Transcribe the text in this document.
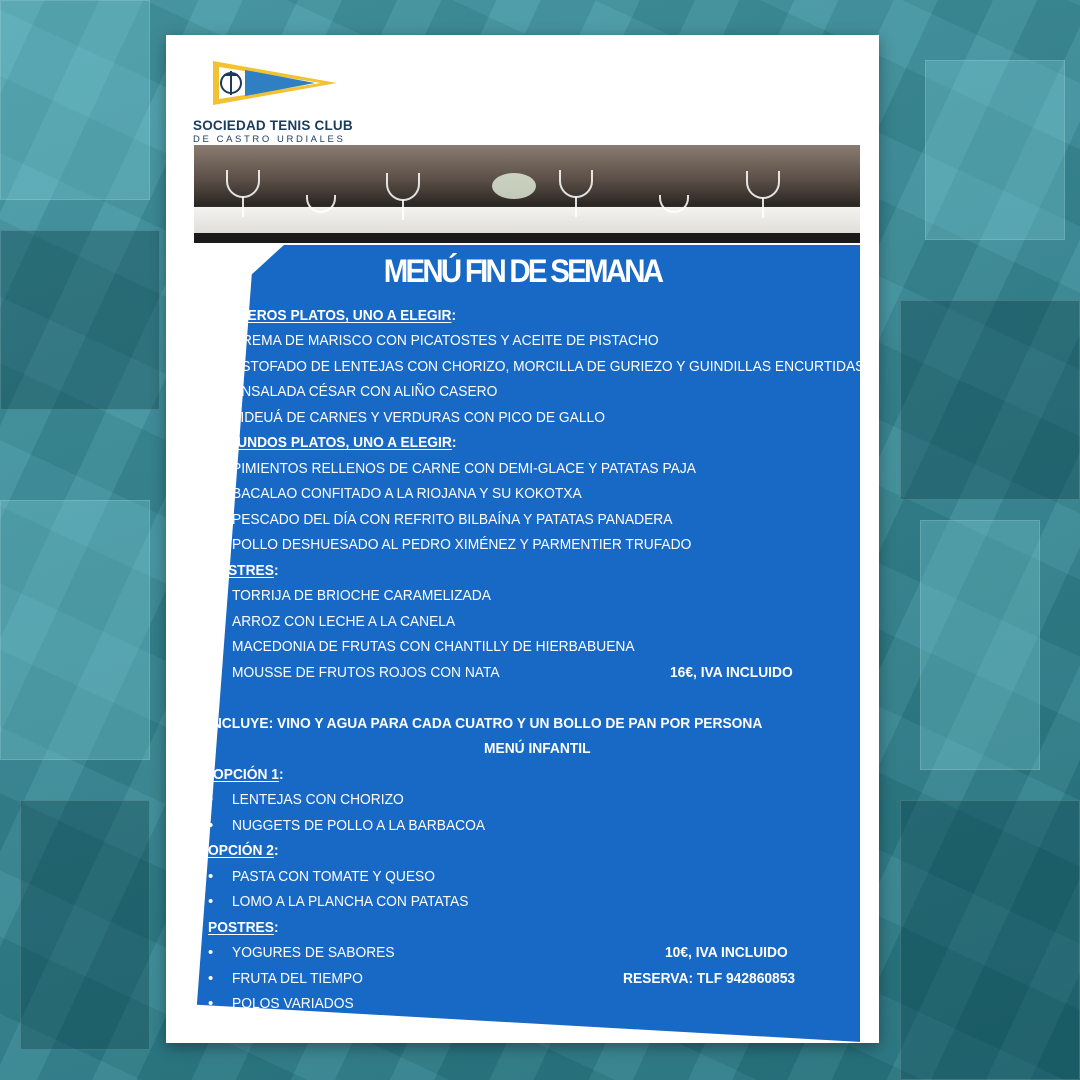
SOCIEDAD TENIS CLUB
DE CASTRO URDIALES
MENÚ FIN DE SEMANA
PRIMEROS PLATOS, UNO A ELEGIR:
• CREMA DE MARISCO CON PICATOSTES Y ACEITE DE PISTACHO
• ESTOFADO DE LENTEJAS CON CHORIZO, MORCILLA DE GURIEZO Y GUINDILLAS ENCURTIDAS
• ENSALADA CÉSAR CON ALIÑO CASERO
• FIDEUÁ DE CARNES Y VERDURAS CON PICO DE GALLO
SEGUNDOS PLATOS, UNO A ELEGIR:
• PIMIENTOS RELLENOS DE CARNE CON DEMI-GLACE Y PATATAS PAJA
• BACALAO CONFITADO A LA RIOJANA Y SU KOKOTXA
• PESCADO DEL DÍA CON REFRITO BILBAÍNA Y PATATAS PANADERA
• POLLO DESHUESADO AL PEDRO XIMÉNEZ Y PARMENTIER TRUFADO
POSTRES:
• TORRIJA DE BRIOCHE CARAMELIZADA
• ARROZ CON LECHE A LA CANELA
• MACEDONIA DE FRUTAS CON CHANTILLY DE HIERBABUENA
• MOUSSE DE FRUTOS ROJOS CON NATA	16€, IVA INCLUIDO
INCLUYE: VINO Y AGUA PARA CADA CUATRO Y UN BOLLO DE PAN POR PERSONA
MENÚ INFANTIL
OPCIÓN 1:
• LENTEJAS CON CHORIZO
• NUGGETS DE POLLO A LA BARBACOA
OPCIÓN 2:
• PASTA CON TOMATE Y QUESO
• LOMO A LA PLANCHA CON PATATAS
POSTRES:
• YOGURES DE SABORES	10€, IVA INCLUIDO
• FRUTA DEL TIEMPO	RESERVA: TLF 942860853
• POLOS VARIADOS
